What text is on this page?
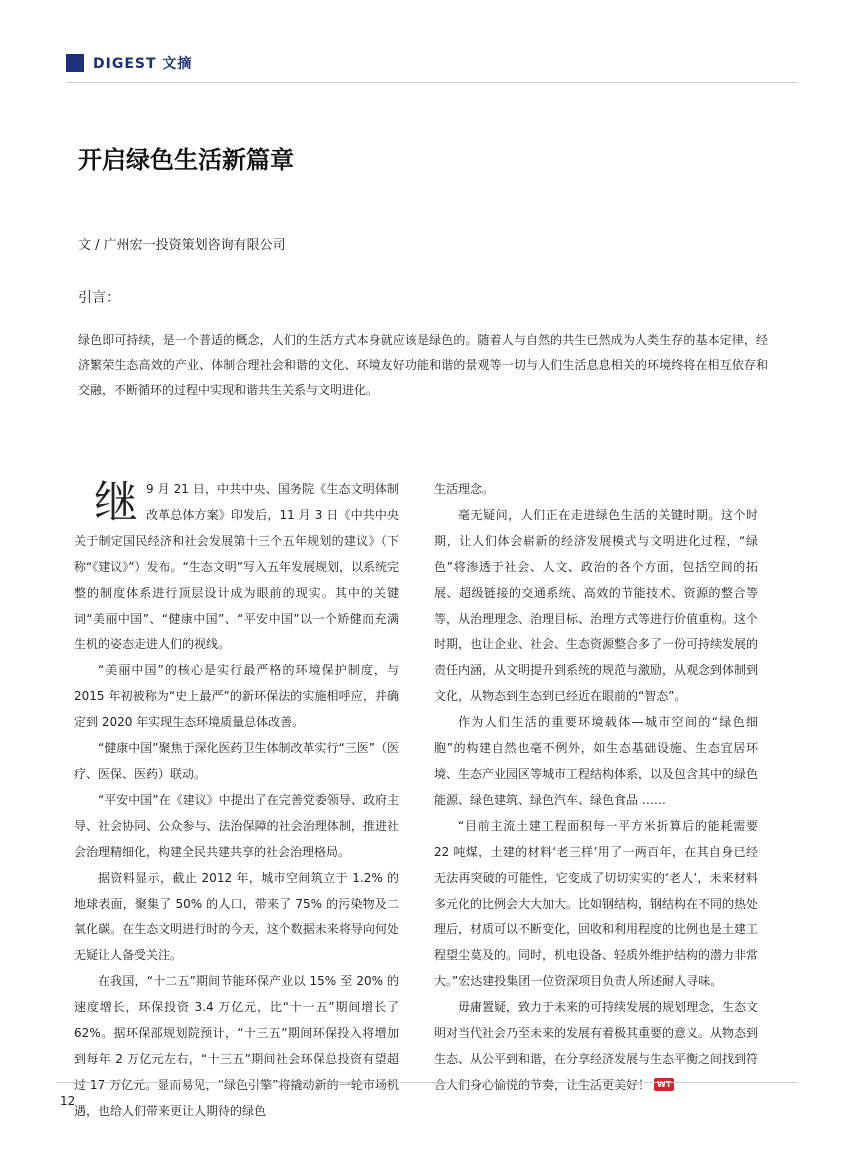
DIGEST 文摘
开启绿色生活新篇章
文 / 广州宏一投资策划咨询有限公司
引言：

绿色即可持续，是一个普适的概念，人们的生活方式本身就应该是绿色的。随着人与自然的共生已然成为人类生存的基本定律，经济繁荣生态高效的产业、体制合理社会和谐的文化、环境友好功能和谐的景观等一切与人们生活息息相关的环境终将在相互依存和交融，不断循环的过程中实现和谐共生关系与文明进化。

继 9 月 21 日，中共中央、国务院《生态文明体制改革总体方案》印发后，11 月 3 日《中共中央关于制定国民经济和社会发展第十三个五年规划的建议》（下称“《建议》”）发布。“生态文明”写入五年发展规划，以系统完整的制度体系进行顶层设计成为眼前的现实。其中的关键词“美丽中国”、“健康中国”、“平安中国”以一个矫健而充满生机的姿态走进人们的视线。

“美丽中国”的核心是实行最严格的环境保护制度，与 2015 年初被称为“史上最严”的新环保法的实施相呼应，并确定到 2020 年实现生态环境质量总体改善。

“健康中国”聚焦于深化医药卫生体制改革实行“三医”（医疗、医保、医药）联动。

“平安中国”在《建议》中提出了在完善党委领导、政府主导、社会协同、公众参与、法治保障的社会治理体制，推进社会治理精细化，构建全民共建共享的社会治理格局。

据资料显示，截止 2012 年，城市空间筑立于 1.2% 的地球表面，聚集了 50% 的人口，带来了 75% 的污染物及二氧化碳。在生态文明进行时的今天，这个数据未来将导向何处无疑让人备受关注。

在我国，“十二五”期间节能环保产业以 15% 至 20% 的速度增长，环保投资 3.4 万亿元，比“十一五”期间增长了 62%。据环保部规划院预计，“十三五”期间环保投入将增加到每年 2 万亿元左右，“十三五”期间社会环保总投资有望超过 17 万亿元。显而易见，“绿色引擎”将撬动新的一轮市场机遇，也给人们带来更让人期待的绿色

生活理念。

毫无疑问，人们正在走进绿色生活的关键时期。这个时期，让人们体会崭新的经济发展模式与文明进化过程，“绿色”将渗透于社会、人文、政治的各个方面，包括空间的拓展、超级链接的交通系统、高效的节能技术、资源的整合等等，从治理理念、治理目标、治理方式等进行价值重构。这个时期，也让企业、社会、生态资源整合多了一份可持续发展的责任内涵，从文明提升到系统的规范与激励，从观念到体制到文化，从物态到生态到已经近在眼前的“智态”。

作为人们生活的重要环境载体—城市空间的“绿色细胞”的构建自然也毫不例外，如生态基础设施、生态宜居环境、生态产业园区等城市工程结构体系，以及包含其中的绿色能源、绿色建筑、绿色汽车、绿色食品 ……

“目前主流土建工程面积每一平方米折算后的能耗需要 22 吨煤，土建的材料‘老三样’用了一两百年，在其自身已经无法再突破的可能性，它变成了切切实实的‘老人’，未来材料多元化的比例会大大加大。比如钢结构，钢结构在不同的热处理后，材质可以不断变化，回收和利用程度的比例也是土建工程望尘莫及的。同时，机电设备、轻质外维护结构的潜力非常大。”宏达建投集团一位资深项目负责人所述耐人寻味。

毋庸置疑，致力于未来的可持续发展的规划理念，生态文明对当代社会乃至未来的发展有着极其重要的意义。从物态到生态、从公平到和谐，在分享经济发展与生态平衡之间找到符合人们身心愉悦的节奏，让生活更美好！ WT

12
